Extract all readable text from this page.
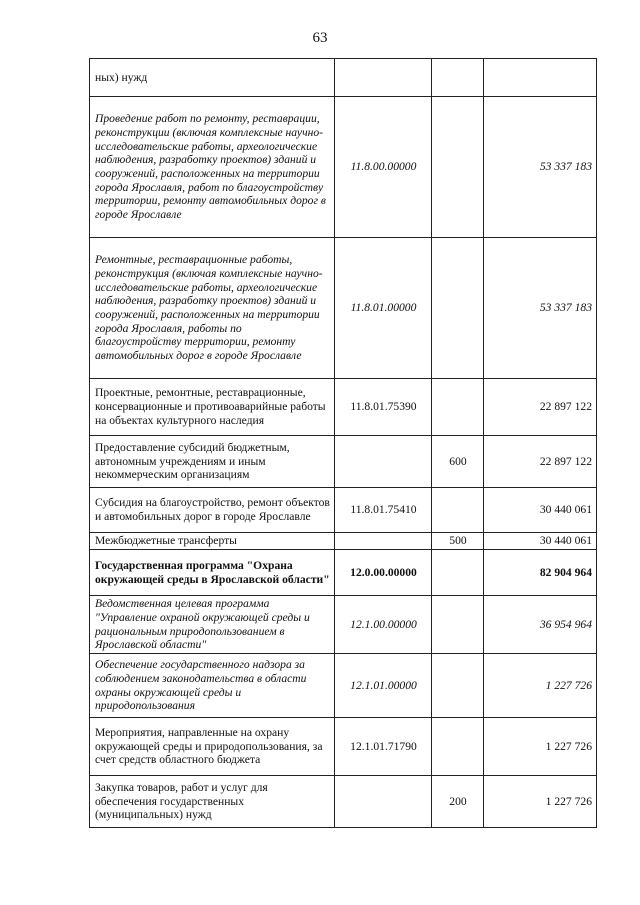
63
ных) нужд			
Проведение работ по ремонту, реставрации, реконструкции (включая комплексные научно-исследовательские работы, археологические наблюдения, разработку проектов) зданий и сооружений, расположенных на территории города Ярославля, работ по благоустройству территории, ремонту автомобильных дорог в городе Ярославле	11.8.00.00000		53 337 183
Ремонтные, реставрационные работы, реконструкция (включая комплексные научно-исследовательские работы, археологические наблюдения, разработку проектов) зданий и сооружений, расположенных на территории города Ярославля, работы по благоустройству территории, ремонту автомобильных дорог в городе Ярославле	11.8.01.00000		53 337 183
Проектные, ремонтные, реставрационные, консервационные и противоаварийные работы на объектах культурного наследия	11.8.01.75390		22 897 122
Предоставление субсидий бюджетным, автономным учреждениям и иным некоммерческим организациям		600	22 897 122
Субсидия на благоустройство, ремонт объектов и автомобильных дорог в городе Ярославле	11.8.01.75410		30 440 061
Межбюджетные трансферты		500	30 440 061
Государственная программа "Охрана окружающей среды в Ярославской области"	12.0.00.00000		82 904 964
Ведомственная целевая программа "Управление охраной окружающей среды и рациональным природопользованием в Ярославской области"	12.1.00.00000		36 954 964
Обеспечение государственного надзора за соблюдением законодательства в области охраны окружающей среды и природопользования	12.1.01.00000		1 227 726
Мероприятия, направленные на охрану окружающей среды и природопользования, за счет средств областного бюджета	12.1.01.71790		1 227 726
Закупка товаров, работ и услуг для обеспечения государственных (муниципальных) нужд		200	1 227 726
